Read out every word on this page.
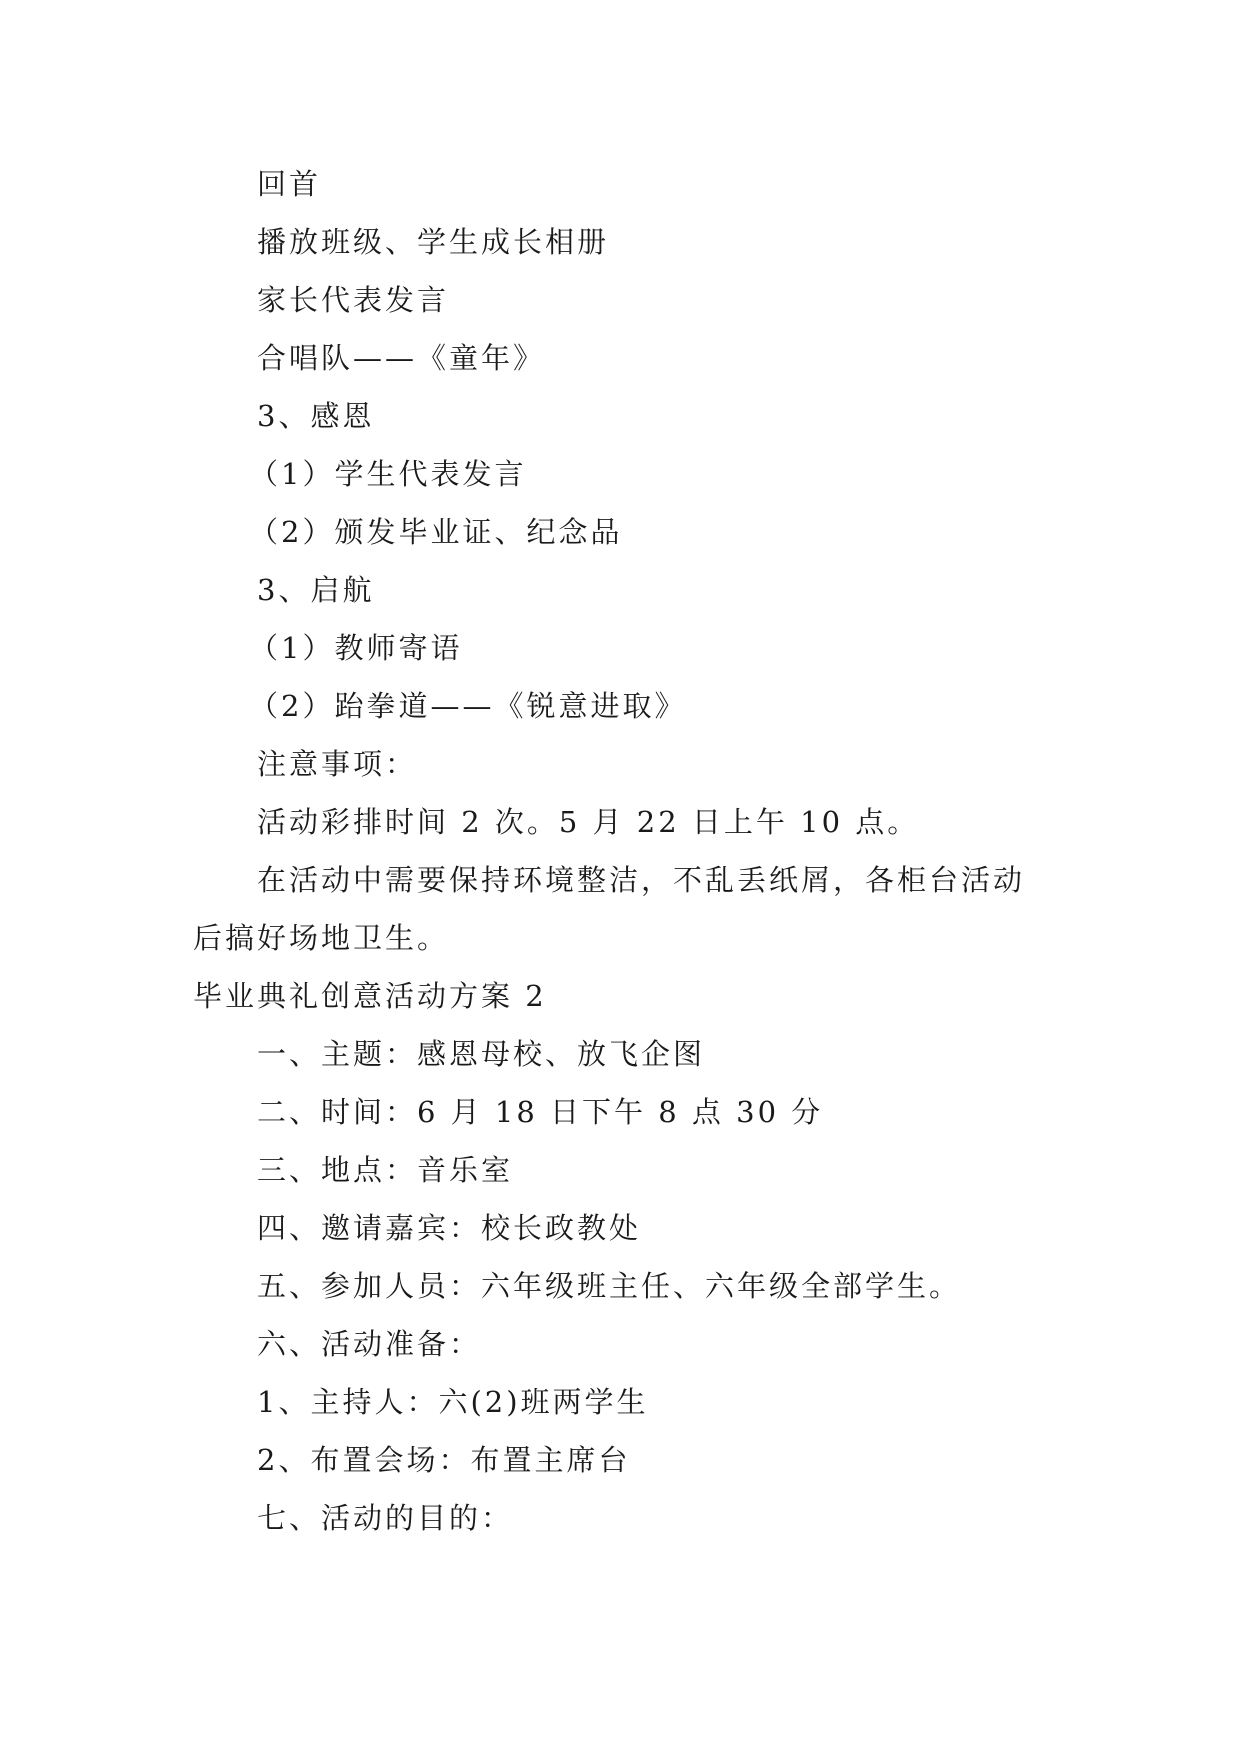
回首
播放班级、学生成长相册
家长代表发言
合唱队——《童年》
3、感恩
（1）学生代表发言
（2）颁发毕业证、纪念品
3、启航
（1）教师寄语
（2）跆拳道——《锐意进取》
注意事项：
活动彩排时间 2 次。5 月 22 日上午 10 点。
在活动中需要保持环境整洁，不乱丢纸屑，各柜台活动后搞好场地卫生。
毕业典礼创意活动方案 2
一、主题：感恩母校、放飞企图
二、时间：6 月 18 日下午 8 点 30 分
三、地点：音乐室
四、邀请嘉宾：校长政教处
五、参加人员：六年级班主任、六年级全部学生。
六、活动准备：
1、主持人：六(2)班两学生
2、布置会场：布置主席台
七、活动的目的：
